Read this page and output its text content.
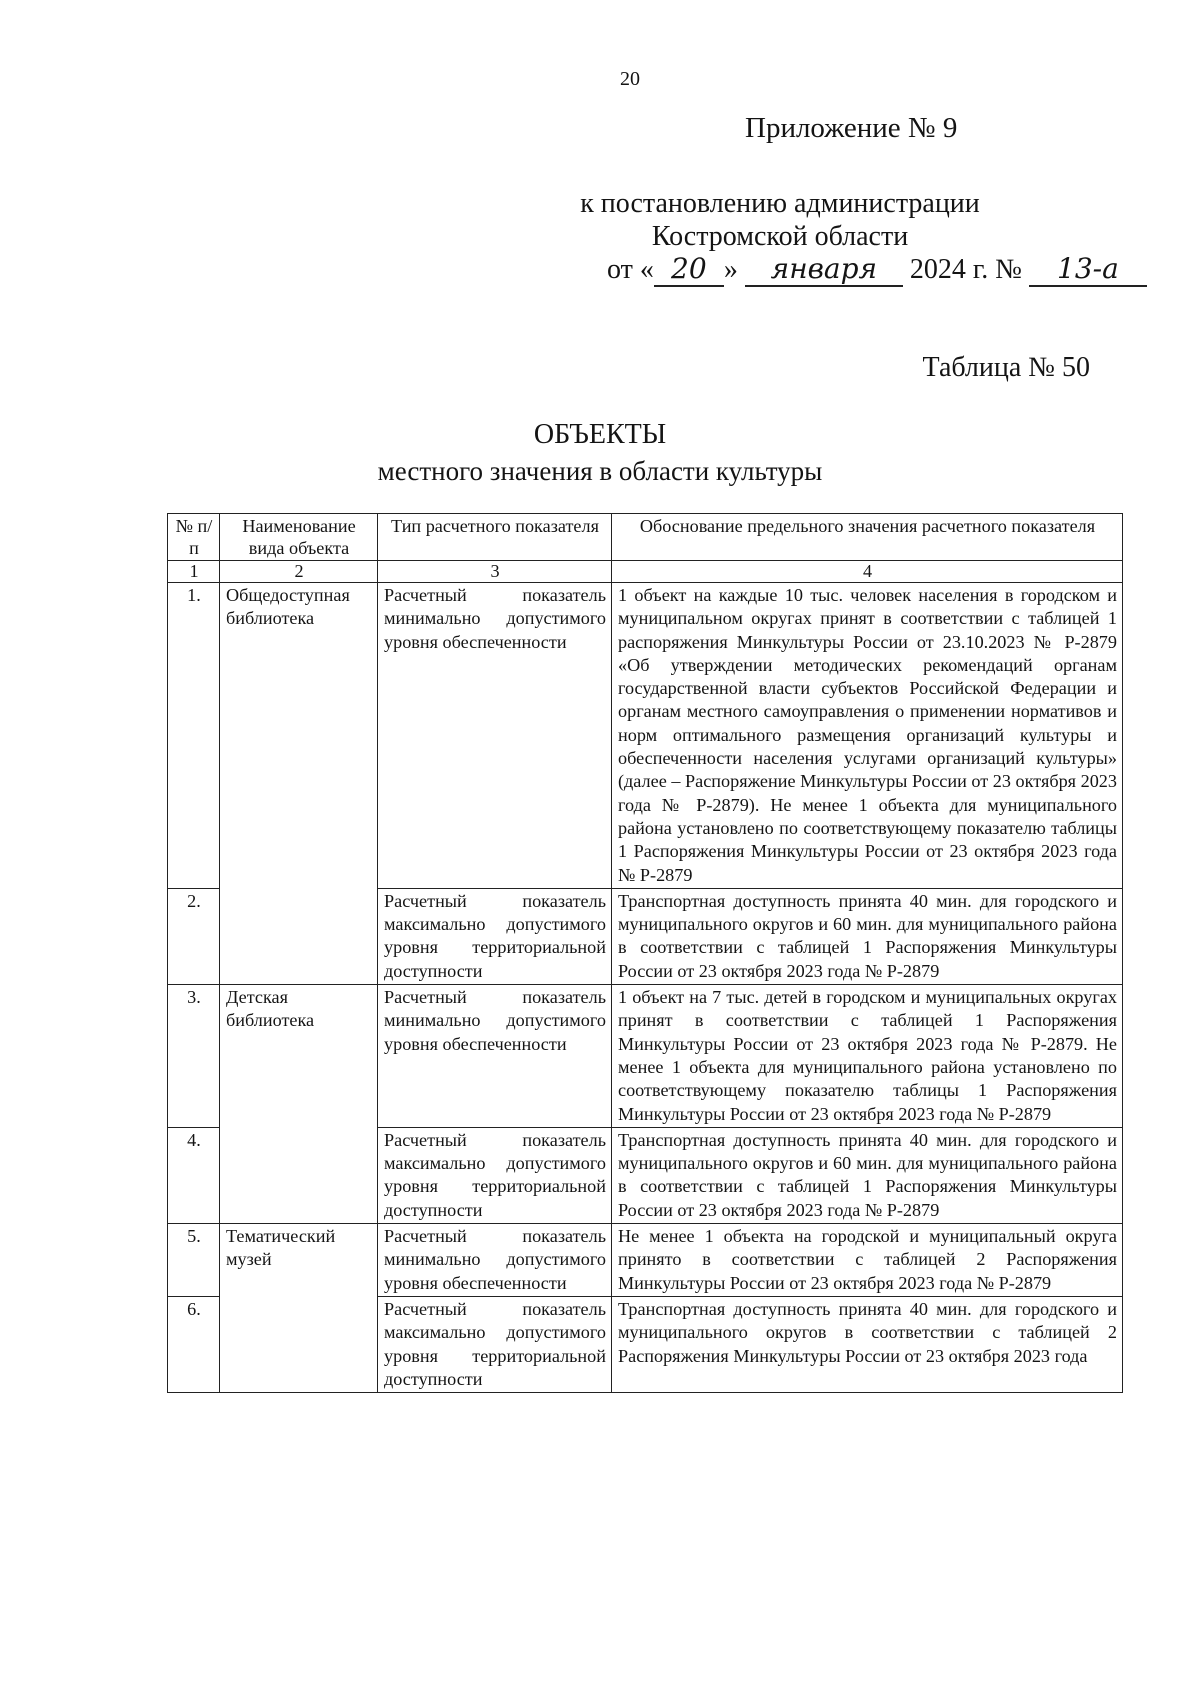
20
Приложение № 9
к постановлению администрации
Костромской области
от « 20 » января 2024 г. № 13-а
Таблица № 50
ОБЪЕКТЫ
местного значения в области культуры
№ п/п	Наименование вида объекта	Тип расчетного показателя	Обоснование предельного значения расчетного показателя
1	2	3	4
1.	Общедоступная библиотека	Расчетный показатель минимально допустимого уровня обеспеченности	1 объект на каждые 10 тыс. человек населения в городском и муниципальном округах принят в соответствии с таблицей 1 распоряжения Минкультуры России от 23.10.2023 № Р-2879 «Об утверждении методических рекомендаций органам государственной власти субъектов Российской Федерации и органам местного самоуправления о применении нормативов и норм оптимального размещения организаций культуры и обеспеченности населения услугами организаций культуры» (далее – Распоряжение Минкультуры России от 23 октября 2023 года № Р-2879). Не менее 1 объекта для муниципального района установлено по соответствующему показателю таблицы 1 Распоряжения Минкультуры России от 23 октября 2023 года № Р-2879
2.		Расчетный показатель максимально допустимого уровня территориальной доступности	Транспортная доступность принята 40 мин. для городского и муниципального округов и 60 мин. для муниципального района в соответствии с таблицей 1 Распоряжения Минкультуры России от 23 октября 2023 года № Р-2879
3.	Детская библиотека	Расчетный показатель минимально допустимого уровня обеспеченности	1 объект на 7 тыс. детей в городском и муниципальных округах принят в соответствии с таблицей 1 Распоряжения Минкультуры России от 23 октября 2023 года № Р-2879. Не менее 1 объекта для муниципального района установлено по соответствующему показателю таблицы 1 Распоряжения Минкультуры России от 23 октября 2023 года № Р-2879
4.		Расчетный показатель максимально допустимого уровня территориальной доступности	Транспортная доступность принята 40 мин. для городского и муниципального округов и 60 мин. для муниципального района в соответствии с таблицей 1 Распоряжения Минкультуры России от 23 октября 2023 года № Р-2879
5.	Тематический музей	Расчетный показатель минимально допустимого уровня обеспеченности	Не менее 1 объекта на городской и муниципальный округа принято в соответствии с таблицей 2 Распоряжения Минкультуры России от 23 октября 2023 года № Р-2879
6.		Расчетный показатель максимально допустимого уровня территориальной доступности	Транспортная доступность принята 40 мин. для городского и муниципального округов в соответствии с таблицей 2 Распоряжения Минкультуры России от 23 октября 2023 года
